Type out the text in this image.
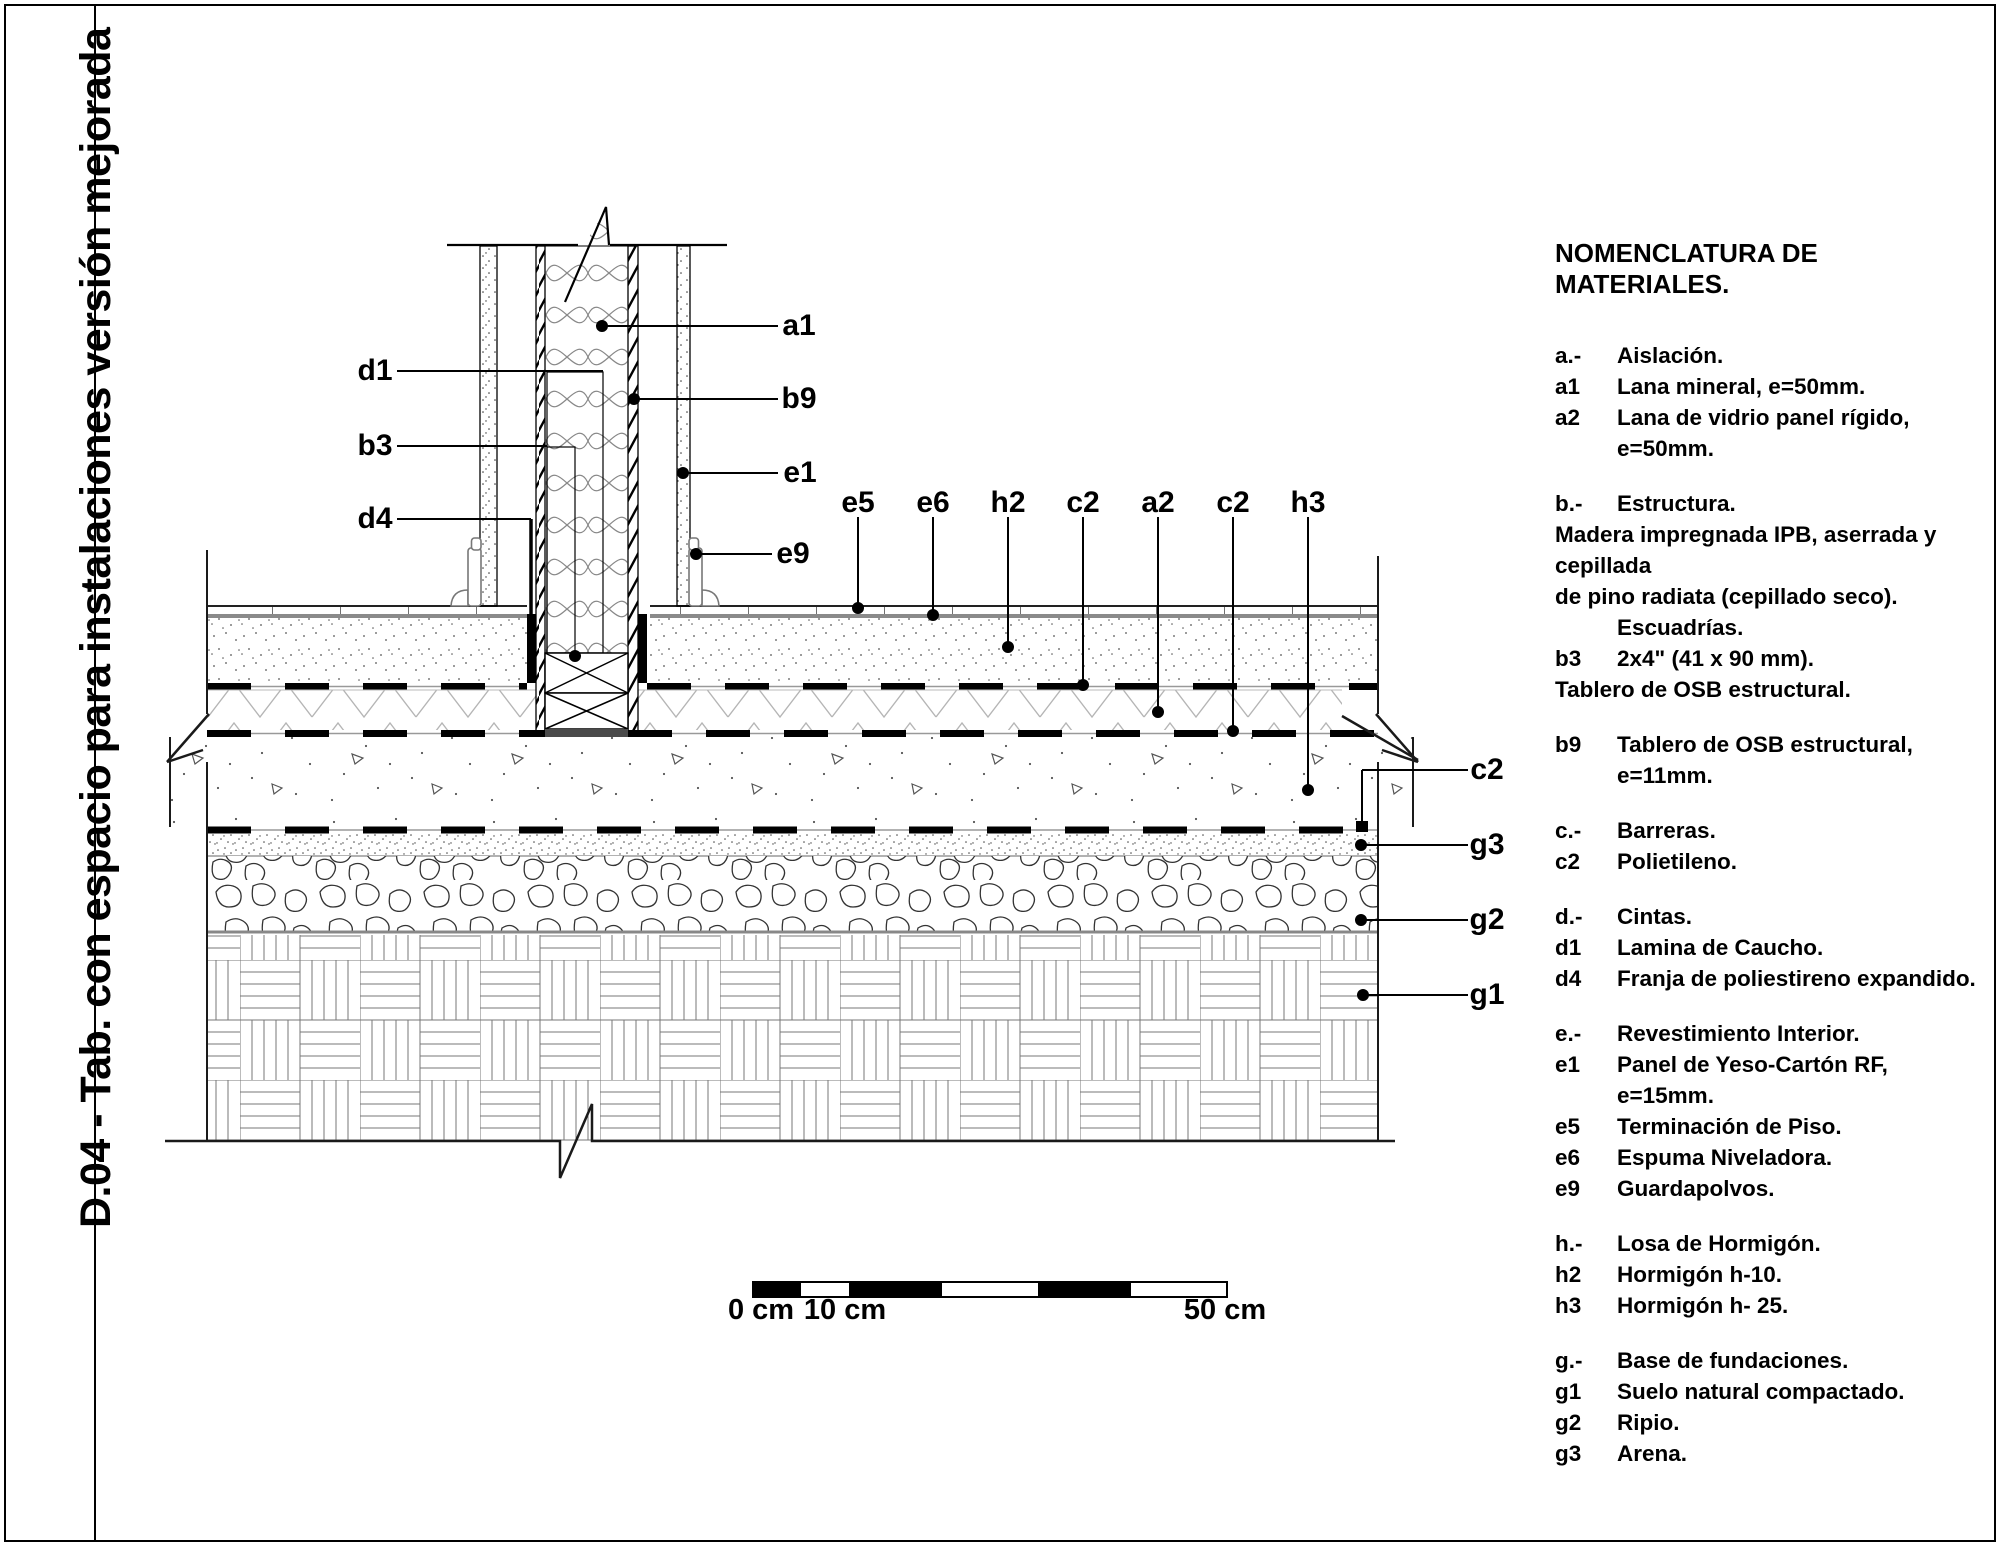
D.04 - Tab. con espacio para instalaciones versión mejorada	d1
b3
d4
a1
b9
e1
e9
e5 e6 h2 c2 a2 c2 h3
c2
g3
g2
g1
NOMENCLATURA DE MATERIALES.
a.-	Aislación.
a1	Lana mineral, e=50mm.
a2	Lana de vidrio panel rígido, e=50mm.
b.-	Estructura.
Madera impregnada IPB, aserrada y cepillada
de pino radiata (cepillado seco).
Escuadrías.
b3	2x4" (41 x 90 mm).
Tablero de OSB estructural.
b9	Tablero de OSB estructural, e=11mm.
c.-	Barreras.
c2	Polietileno.
d.-	Cintas.
d1	Lamina de Caucho.
d4	Franja de poliestireno expandido.
e.-	Revestimiento Interior.
e1	Panel de Yeso-Cartón RF, e=15mm.
e5	Terminación de Piso.
e6	Espuma Niveladora.
e9	Guardapolvos.
h.-	Losa de Hormigón.
h2	Hormigón h-10.
h3	Hormigón h- 25.
g.-	Base de fundaciones.
g1	Suelo natural compactado.
g2	Ripio.
g3	Arena.
0 cm 10 cm	50 cm
